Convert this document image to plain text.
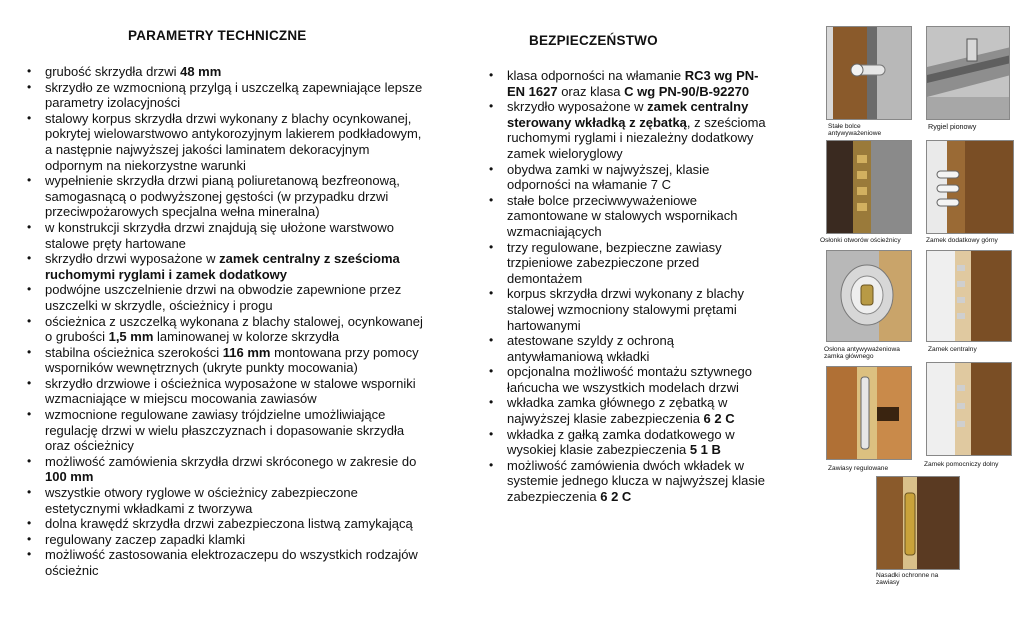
PARAMETRY TECHNICZNE
• grubość skrzydła drzwi 48 mm
• skrzydło ze wzmocnioną przylgą i uszczelką zapewniające lepsze parametry izolacyjności
• stalowy korpus skrzydła drzwi wykonany z blachy ocynkowanej, pokrytej wielowarstwowo antykorozyjnym lakierem podkładowym, a następnie najwyższej jakości laminatem dekoracyjnym odpornym na niekorzystne warunki
• wypełnienie skrzydła drzwi pianą poliuretanową bezfreonową, samogasnącą o podwyższonej gęstości (w przypadku drzwi przeciwpożarowych specjalna wełna mineralna)
• w konstrukcji skrzydła drzwi znajdują się ułożone warstwowo stalowe pręty hartowane
• skrzydło drzwi wyposażone w zamek centralny z sześcioma ruchomymi ryglami i zamek dodatkowy
• podwójne uszczelnienie drzwi na obwodzie zapewnione przez uszczelki w skrzydle, ościeżnicy i progu
• ościeżnica z uszczelką wykonana z blachy stalowej, ocynkowanej o grubości 1,5 mm laminowanej w kolorze skrzydła
• stabilna ościeżnica szerokości 116 mm montowana przy pomocy wsporników wewnętrznych (ukryte punkty mocowania)
• skrzydło drzwiowe i ościeżnica wyposażone w stalowe wsporniki wzmacniające w miejscu mocowania zawiasów
• wzmocnione regulowane zawiasy trójdzielne umożliwiające regulację drzwi w wielu płaszczyznach i dopasowanie skrzydła oraz ościeżnicy
• możliwość zamówienia skrzydła drzwi skróconego w zakresie do 100 mm
• wszystkie otwory ryglowe w ościeżnicy zabezpieczone estetycznymi wkładkami z tworzywa
• dolna krawędź skrzydła drzwi zabezpieczona listwą zamykającą
• regulowany zaczep zapadki klamki
• możliwość zastosowania elektrozaczepu do wszystkich rodzajów ościeżnic
BEZPIECZEŃSTWO
• klasa odporności na włamanie RC3 wg PN-EN 1627 oraz klasa C wg PN-90/B-92270
• skrzydło wyposażone w zamek centralny sterowany wkładką z zębatką, z sześcioma ruchomymi ryglami i niezależny dodatkowy zamek wieloryglowy
• obydwa zamki w najwyższej, klasie odporności na włamanie 7 C
• stałe bolce przeciwwyważeniowe zamontowane w stalowych wspornikach wzmacniających
• trzy regulowane, bezpieczne zawiasy trzpieniowe zabezpieczone przed demontażem
• korpus skrzydła drzwi wykonany z blachy stalowej wzmocniony stalowymi prętami hartowanymi
• atestowane szyldy z ochroną antywłamaniową wkładki
• opcjonalna możliwość montażu sztywnego łańcucha we wszystkich modelach drzwi
• wkładka zamka głównego z zębatką w najwyższej klasie zabezpieczenia 6 2 C
• wkładka z gałką zamka dodatkowego w wysokiej klasie zabezpieczenia 5 1 B
• możliwość zamówienia dwóch wkładek w systemie jednego klucza w najwyższej klasie zabezpieczenia 6 2 C
Stałe bolce antywyważeniowe
Rygiel pionowy
Osłonki otworów ościeżnicy	Zamek dodatkowy górny
Osłona antywyważeniowa zamka głównego
Zamek centralny
Zawiasy regulowane
Zamek pomocniczy dolny
Nasadki ochronne na zawiasy
